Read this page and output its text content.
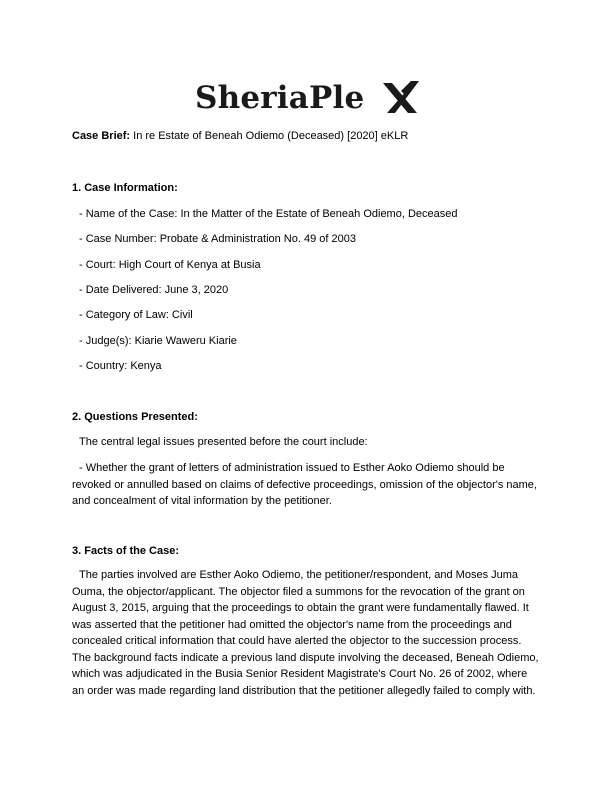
SheriaPle
Case Brief: In re Estate of Beneah Odiemo (Deceased) [2020] eKLR
1. Case Information:
- Name of the Case: In the Matter of the Estate of Beneah Odiemo, Deceased
- Case Number: Probate & Administration No. 49 of 2003
- Court: High Court of Kenya at Busia
- Date Delivered: June 3, 2020
- Category of Law: Civil
- Judge(s): Kiarie Waweru Kiarie
- Country: Kenya
2. Questions Presented:
The central legal issues presented before the court include:
- Whether the grant of letters of administration issued to Esther Aoko Odiemo should be revoked or annulled based on claims of defective proceedings, omission of the objector's name, and concealment of vital information by the petitioner.
3. Facts of the Case:
The parties involved are Esther Aoko Odiemo, the petitioner/respondent, and Moses Juma Ouma, the objector/applicant. The objector filed a summons for the revocation of the grant on August 3, 2015, arguing that the proceedings to obtain the grant were fundamentally flawed. It was asserted that the petitioner had omitted the objector's name from the proceedings and concealed critical information that could have alerted the objector to the succession process. The background facts indicate a previous land dispute involving the deceased, Beneah Odiemo, which was adjudicated in the Busia Senior Resident Magistrate's Court No. 26 of 2002, where an order was made regarding land distribution that the petitioner allegedly failed to comply with.
